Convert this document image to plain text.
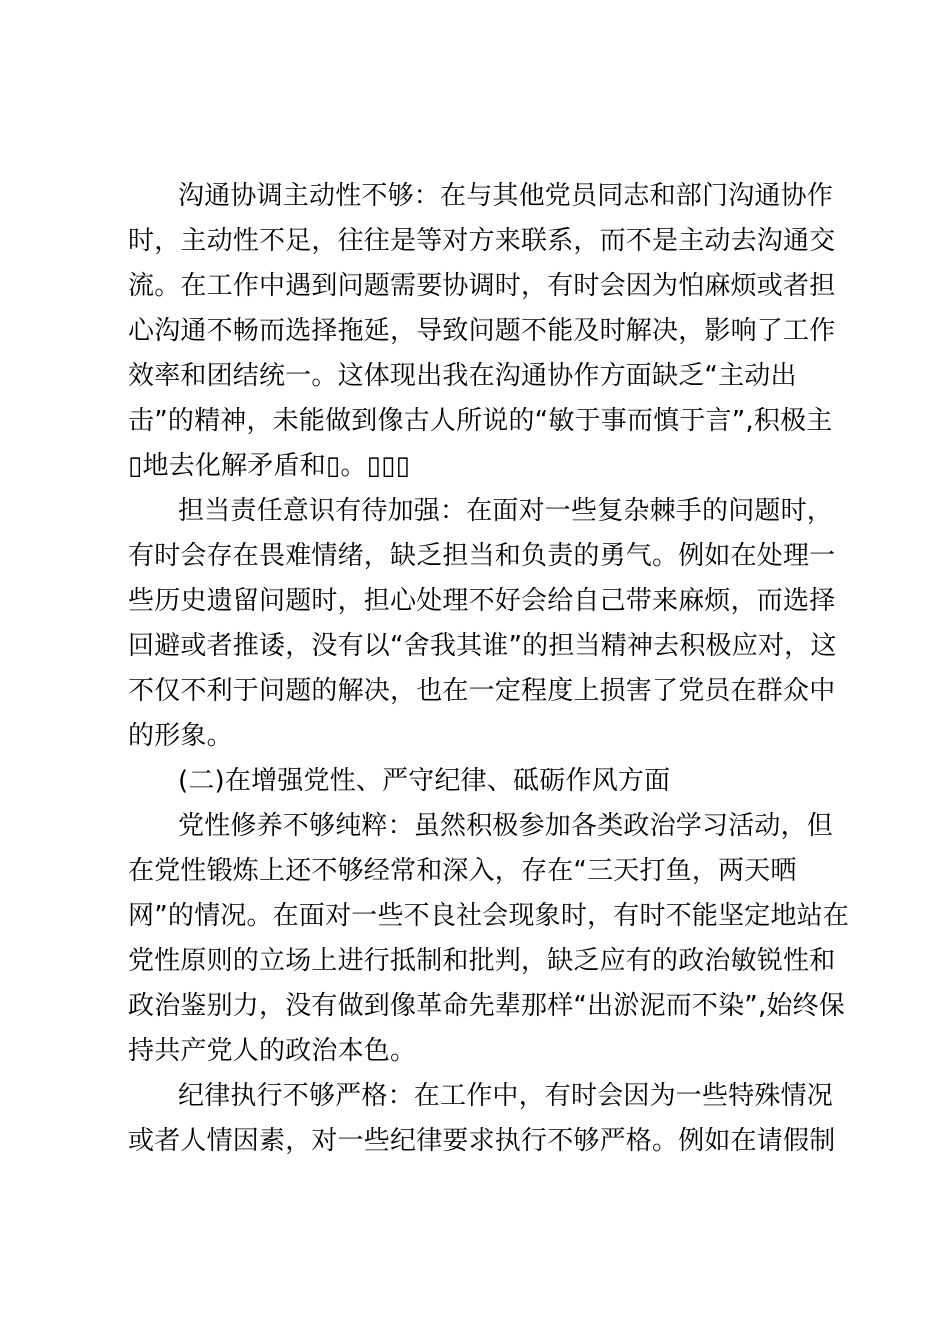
沟通协调主动性不够：在与其他党员同志和部门沟通协作
时，主动性不足，往往是等对方来联系，而不是主动去沟通交
流。在工作中遇到问题需要协调时，有时会因为怕麻烦或者担
心沟通不畅而选择拖延，导致问题不能及时解决，影响了工作
效率和团结统一。这体现出我在沟通协作方面缺乏“主动出
击”的精神，未能做到像古人所说的“敏于事而慎于言”,积极主
▯地去化解矛盾和▯。▯▯▯
担当责任意识有待加强：在面对一些复杂棘手的问题时，
有时会存在畏难情绪，缺乏担当和负责的勇气。例如在处理一
些历史遗留问题时，担心处理不好会给自己带来麻烦，而选择
回避或者推诿，没有以“舍我其谁”的担当精神去积极应对，这
不仅不利于问题的解决，也在一定程度上损害了党员在群众中
的形象。
(二)在增强党性、严守纪律、砥砺作风方面
党性修养不够纯粹：虽然积极参加各类政治学习活动，但
在党性锻炼上还不够经常和深入，存在“三天打鱼，两天晒
网”的情况。在面对一些不良社会现象时，有时不能坚定地站在
党性原则的立场上进行抵制和批判，缺乏应有的政治敏锐性和
政治鉴别力，没有做到像革命先辈那样“出淤泥而不染”,始终保
持共产党人的政治本色。
纪律执行不够严格：在工作中，有时会因为一些特殊情况
或者人情因素，对一些纪律要求执行不够严格。例如在请假制
